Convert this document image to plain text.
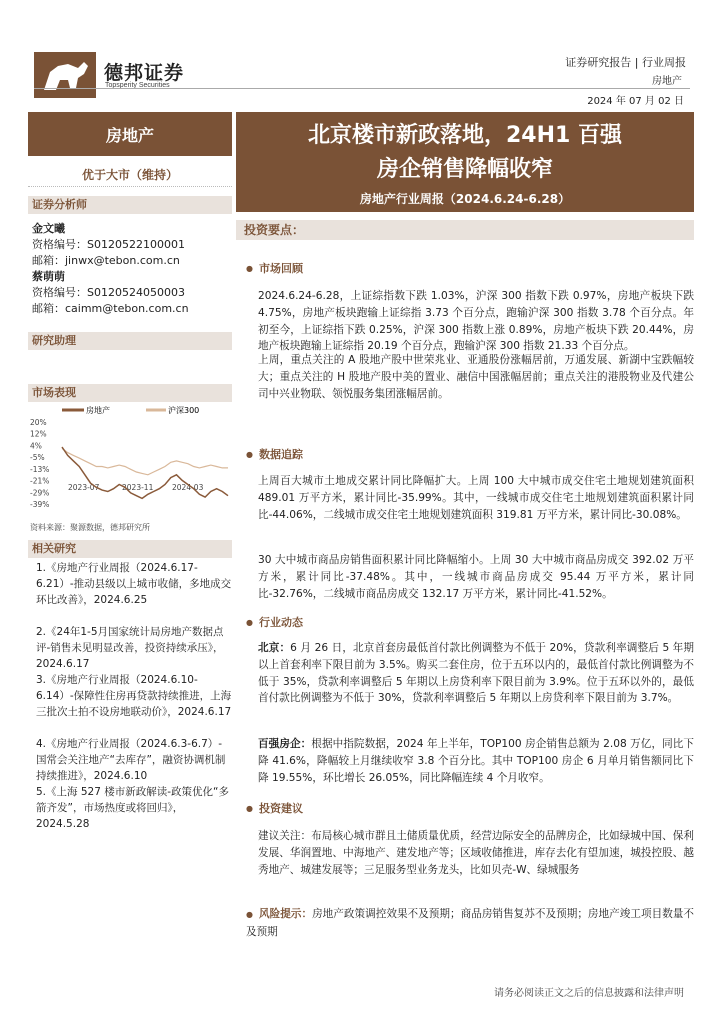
德邦证券
Topsperity Securities
证券研究报告 | 行业周报
房地产
2024 年 07 月 02 日
房地产
优于大市（维持）
证券分析师
金文曦
资格编号：S0120522100001
邮箱：jinwx@tebon.com.cn
蔡萌萌
资格编号：S0120524050003
邮箱：caimm@tebon.com.cn
研究助理
市场表现
房地产	沪深300
20%
12%
4%
-5%
-13%
-21%
-29%
-39%
2023-07	2023-11 2024-03
资料来源：聚源数据，德邦研究所
相关研究
1.《房地产行业周报（2024.6.17-6.21）-推动县级以上城市收储，多地成交环比改善》，2024.6.25
2.《24年1-5月国家统计局房地产数据点评-销售未见明显改善，投资持续承压》，2024.6.17
3.《房地产行业周报（2024.6.10-6.14）-保障性住房再贷款持续推进，上海三批次土拍不设房地联动价》，2024.6.17
4.《房地产行业周报（2024.6.3-6.7）-国常会关注地产“去库存”，融资协调机制持续推进》，2024.6.10
5.《上海 527 楼市新政解读-政策优化“多箭齐发”，市场热度或将回归》，2024.5.28
北京楼市新政落地，24H1 百强
房企销售降幅收窄
房地产行业周报（2024.6.24-6.28）
投资要点：
● 市场回顾
2024.6.24-6.28，上证综指数下跌 1.03%，沪深 300 指数下跌 0.97%，房地产板块下跌 4.75%，房地产板块跑输上证综指 3.73 个百分点，跑输沪深 300 指数 3.78 个百分点。年初至今，上证综指下跌 0.25%，沪深 300 指数上涨 0.89%，房地产板块下跌 20.44%，房地产板块跑输上证综指 20.19 个百分点，跑输沪深 300 指数 21.33 个百分点。
上周，重点关注的 A 股地产股中世荣兆业、亚通股份涨幅居前，万通发展、新湖中宝跌幅较大；重点关注的 H 股地产股中美的置业、融信中国涨幅居前；重点关注的港股物业及代建公司中兴业物联、领悦服务集团涨幅居前。
● 数据追踪
上周百大城市土地成交累计同比降幅扩大。上周 100 大中城市成交住宅土地规划建筑面积 489.01 万平方米，累计同比-35.99%。其中，一线城市成交住宅土地规划建筑面积累计同比-44.06%，二线城市成交住宅土地规划建筑面积 319.81 万平方米，累计同比-30.08%。
30 大中城市商品房销售面积累计同比降幅缩小。上周 30 大中城市商品房成交 392.02 万平方米，累计同比-37.48%。其中，一线城市商品房成交 95.44 万平方米，累计同比-32.76%，二线城市商品房成交 132.17 万平方米，累计同比-41.52%。
● 行业动态
北京：6 月 26 日，北京首套房最低首付款比例调整为不低于 20%，贷款利率调整后 5 年期以上首套利率下限目前为 3.5%。购买二套住房，位于五环以内的，最低首付款比例调整为不低于 35%，贷款利率调整后 5 年期以上房贷利率下限目前为 3.9%。位于五环以外的，最低首付款比例调整为不低于 30%，贷款利率调整后 5 年期以上房贷利率下限目前为 3.7%。
百强房企：根据中指院数据，2024 年上半年，TOP100 房企销售总额为 2.08 万亿，同比下降 41.6%，降幅较上月继续收窄 3.8 个百分比。其中 TOP100 房企 6 月单月销售额同比下降 19.55%，环比增长 26.05%，同比降幅连续 4 个月收窄。
● 投资建议
建议关注：布局核心城市群且土储质量优质，经营边际安全的品牌房企，比如绿城中国、保利发展、华润置地、中海地产、建发地产等；区域收储推进，库存去化有望加速，城投控股、越秀地产、城建发展等；三足服务型业务龙头，比如贝壳-W、绿城服务
● 风险提示：房地产政策调控效果不及预期；商品房销售复苏不及预期；房地产竣工项目数量不及预期
请务必阅读正文之后的信息披露和法律声明
